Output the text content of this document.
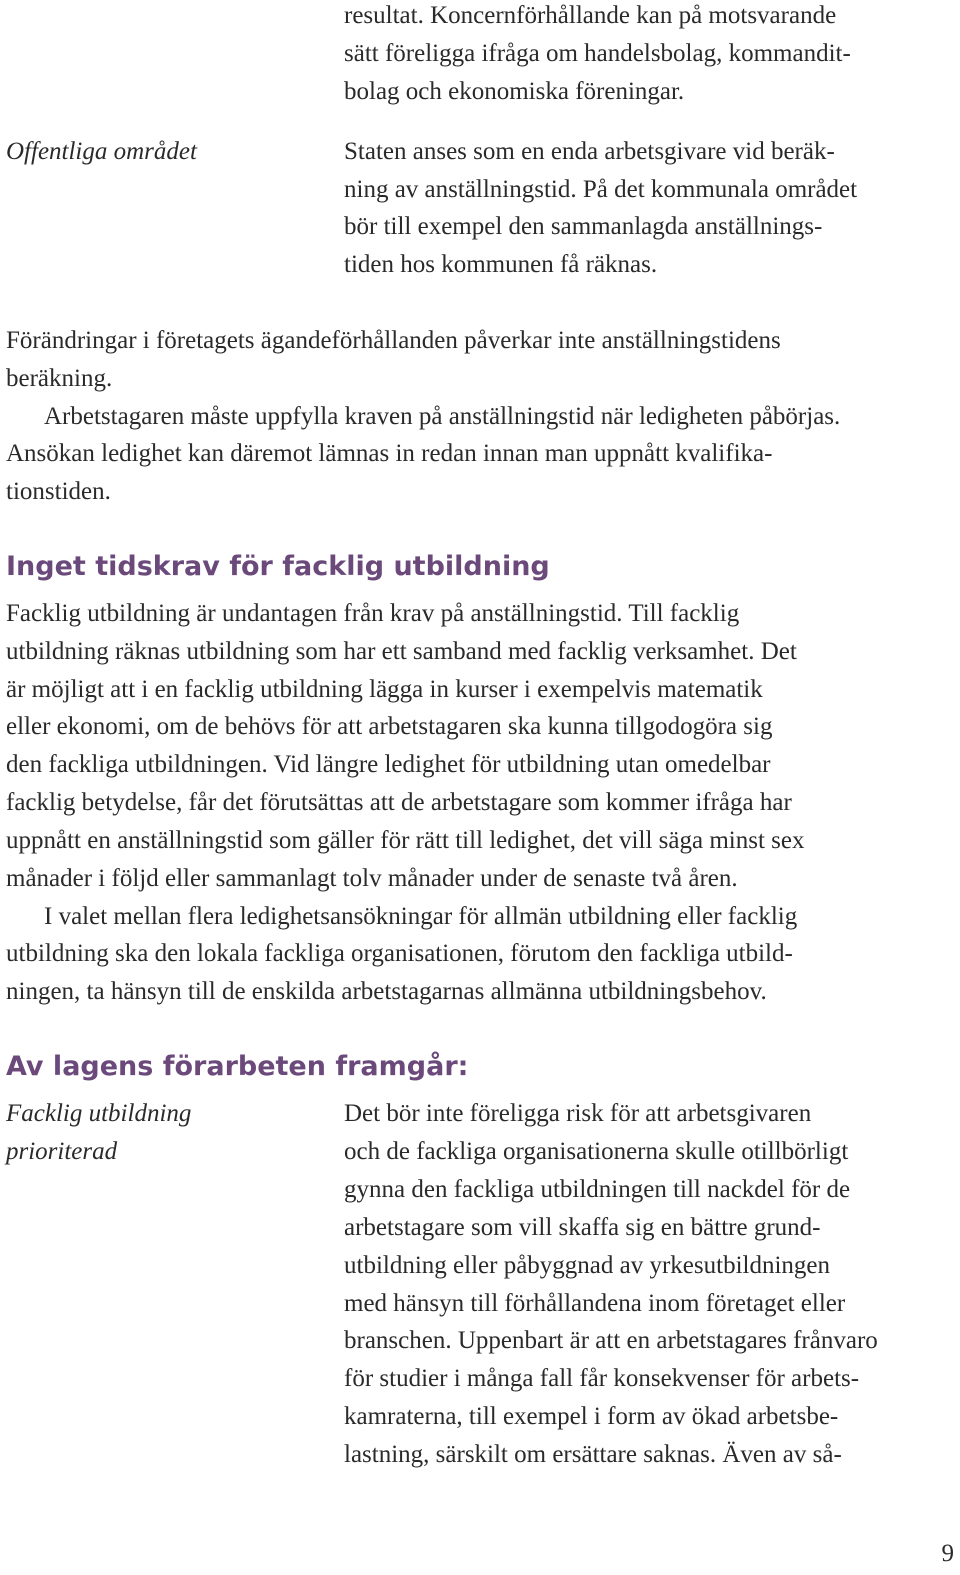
resultat. Koncernförhållande kan på motsvarande
sätt föreligga ifråga om handelsbolag, kommandit-
bolag och ekonomiska föreningar.
Offentliga området	Staten anses som en enda arbetsgivare vid beräk-
ning av anställningstid. På det kommunala området
bör till exempel den sammanlagda anställnings-
tiden hos kommunen få räknas.
Förändringar i företagets ägandeförhållanden påverkar inte anställningstidens
beräkning.
Arbetstagaren måste uppfylla kraven på anställningstid när ledigheten påbörjas.
Ansökan ledighet kan däremot lämnas in redan innan man uppnått kvalifika-
tionstiden.
Inget tidskrav för facklig utbildning
Facklig utbildning är undantagen från krav på anställningstid. Till facklig
utbildning räknas utbildning som har ett samband med facklig verksamhet. Det
är möjligt att i en facklig utbildning lägga in kurser i exempelvis matematik
eller ekonomi, om de behövs för att arbetstagaren ska kunna tillgodogöra sig
den fackliga utbildningen. Vid längre ledighet för utbildning utan omedelbar
facklig betydelse, får det förutsättas att de arbetstagare som kommer ifråga har
uppnått en anställningstid som gäller för rätt till ledighet, det vill säga minst sex
månader i följd eller sammanlagt tolv månader under de senaste två åren.
I valet mellan flera ledighetsansökningar för allmän utbildning eller facklig
utbildning ska den lokala fackliga organisationen, förutom den fackliga utbild-
ningen, ta hänsyn till de enskilda arbetstagarnas allmänna utbildningsbehov.
Av lagens förarbeten framgår:
Facklig utbildning
prioriterad
Det bör inte föreligga risk för att arbetsgivaren
och de fackliga organisationerna skulle otillbörligt
gynna den fackliga utbildningen till nackdel för de
arbetstagare som vill skaffa sig en bättre grund-
utbildning eller påbyggnad av yrkesutbildningen
med hänsyn till förhållandena inom företaget eller
branschen. Uppenbart är att en arbetstagares frånvaro
för studier i många fall får konsekvenser för arbets-
kamraterna, till exempel i form av ökad arbetsbe-
lastning, särskilt om ersättare saknas. Även av så-
9
